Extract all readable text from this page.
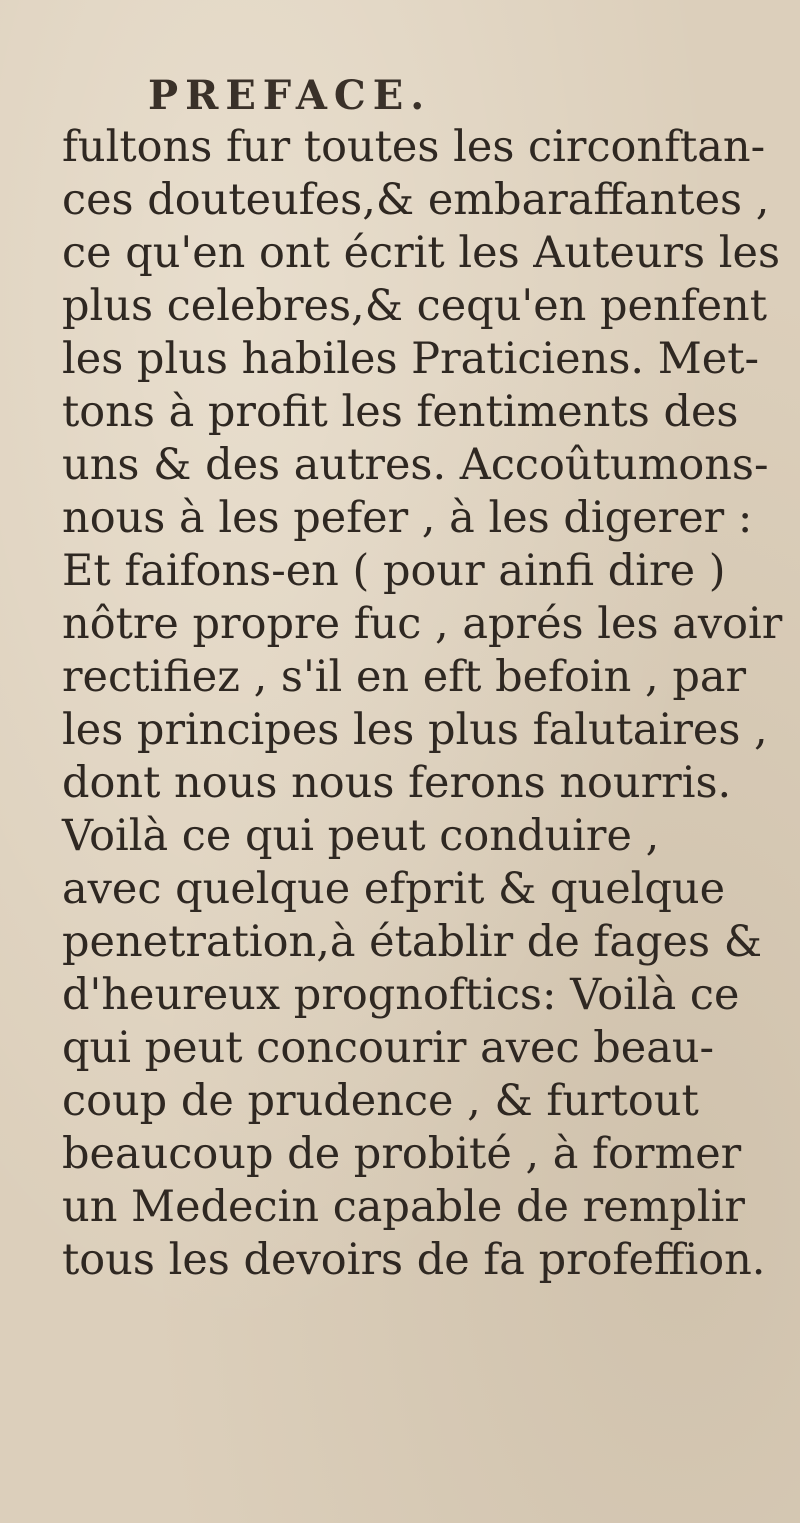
PREFACE.
fultons fur toutes les circonftan-
ces douteufes,& embaraffantes ,
ce qu'en ont écrit les Auteurs les
plus celebres,& cequ'en penfent
les plus habiles Praticiens. Met-
tons à profit les fentiments des
uns & des autres. Accoûtumons-
nous à les pefer , à les digerer :
Et faifons-en ( pour ainfi dire )
nôtre propre fuc , aprés les avoir
rectifiez , s'il en eft befoin , par
les principes les plus falutaires ,
dont nous nous ferons nourris.
Voilà ce qui peut conduire ,
avec quelque efprit & quelque
penetration,à établir de fages &
d'heureux prognoftics: Voilà ce
qui peut concourir avec beau-
coup de prudence , & furtout
beaucoup de probité , à former
un Medecin capable de remplir
tous les devoirs de fa profeffion.
